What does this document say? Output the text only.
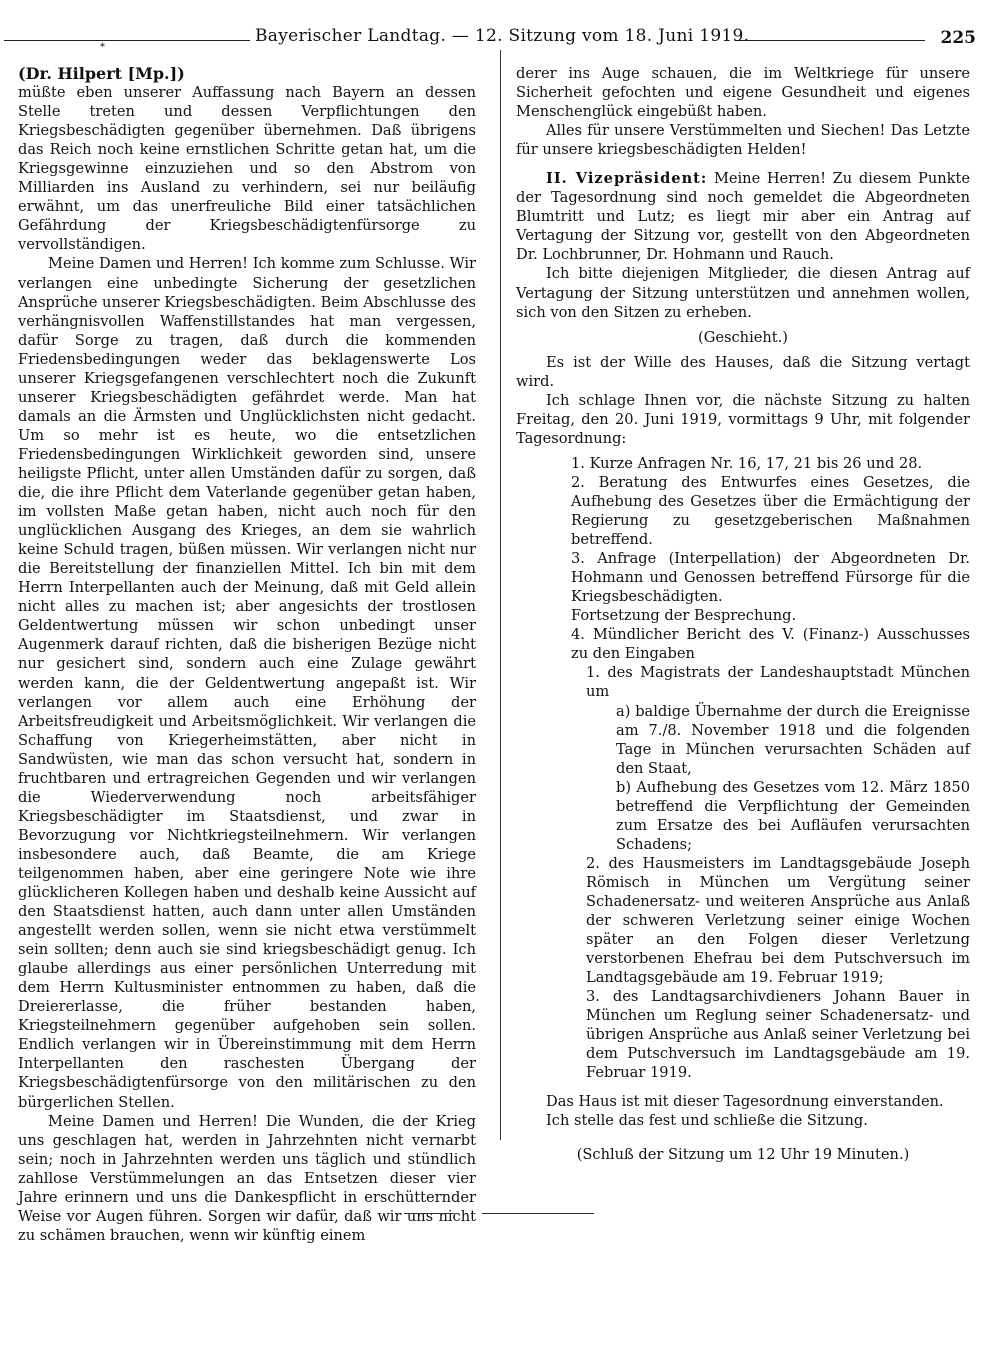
Bayerischer Landtag. — 12. Sitzung vom 18. Juni 1919.	225
*

(Dr. Hilpert [Mp.])

müßte eben unserer Auffassung nach Bayern an dessen Stelle treten und dessen Verpflichtungen den Kriegsbeschädigten gegenüber übernehmen. Daß übrigens das Reich noch keine ernstlichen Schritte getan hat, um die Kriegsgewinne einzuziehen und so den Abstrom von Milliarden ins Ausland zu verhindern, sei nur beiläufig erwähnt, um das unerfreuliche Bild einer tatsächlichen Gefährdung der Kriegsbeschädigtenfürsorge zu vervollständigen.

Meine Damen und Herren! Ich komme zum Schlusse. Wir verlangen eine unbedingte Sicherung der gesetzlichen Ansprüche unserer Kriegsbeschädigten. Beim Abschlusse des verhängnisvollen Waffenstillstandes hat man vergessen, dafür Sorge zu tragen, daß durch die kommenden Friedensbedingungen weder das beklagenswerte Los unserer Kriegsgefangenen verschlechtert noch die Zukunft unserer Kriegsbeschädigten gefährdet werde. Man hat damals an die Ärmsten und Unglücklichsten nicht gedacht. Um so mehr ist es heute, wo die entsetzlichen Friedensbedingungen Wirklichkeit geworden sind, unsere heiligste Pflicht, unter allen Umständen dafür zu sorgen, daß die, die ihre Pflicht dem Vaterlande gegenüber getan haben, im vollsten Maße getan haben, nicht auch noch für den unglücklichen Ausgang des Krieges, an dem sie wahrlich keine Schuld tragen, büßen müssen. Wir verlangen nicht nur die Bereitstellung der finanziellen Mittel. Ich bin mit dem Herrn Interpellanten auch der Meinung, daß mit Geld allein nicht alles zu machen ist; aber angesichts der trostlosen Geldentwertung müssen wir schon unbedingt unser Augenmerk darauf richten, daß die bisherigen Bezüge nicht nur gesichert sind, sondern auch eine Zulage gewährt werden kann, die der Geldentwertung angepaßt ist. Wir verlangen vor allem auch eine Erhöhung der Arbeitsfreudigkeit und Arbeitsmöglichkeit. Wir verlangen die Schaffung von Kriegerheimstätten, aber nicht in Sandwüsten, wie man das schon versucht hat, sondern in fruchtbaren und ertragreichen Gegenden und wir verlangen die Wiederverwendung noch arbeitsfähiger Kriegsbeschädigter im Staatsdienst, und zwar in Bevorzugung vor Nichtkriegsteilnehmern. Wir verlangen insbesondere auch, daß Beamte, die am Kriege teilgenommen haben, aber eine geringere Note wie ihre glücklicheren Kollegen haben und deshalb keine Aussicht auf den Staatsdienst hatten, auch dann unter allen Umständen angestellt werden sollen, wenn sie nicht etwa verstümmelt sein sollten; denn auch sie sind kriegsbeschädigt genug. Ich glaube allerdings aus einer persönlichen Unterredung mit dem Herrn Kultusminister entnommen zu haben, daß die Dreiererlasse, die früher bestanden haben, Kriegsteilnehmern gegenüber aufgehoben sein sollen. Endlich verlangen wir in Übereinstimmung mit dem Herrn Interpellanten den raschesten Übergang der Kriegsbeschädigtenfürsorge von den militärischen zu den bürgerlichen Stellen.

Meine Damen und Herren! Die Wunden, die der Krieg uns geschlagen hat, werden in Jahrzehnten nicht vernarbt sein; noch in Jahrzehnten werden uns täglich und stündlich zahllose Verstümmelungen an das Entsetzen dieser vier Jahre erinnern und uns die Dankespflicht in erschütternder Weise vor Augen führen. Sorgen wir dafür, daß wir uns nicht zu schämen brauchen, wenn wir künftig einem

derer ins Auge schauen, die im Weltkriege für unsere Sicherheit gefochten und eigene Gesundheit und eigenes Menschenglück eingebüßt haben.

Alles für unsere Verstümmelten und Siechen! Das Letzte für unsere kriegsbeschädigten Helden!

II. Vizepräsident: Meine Herren! Zu diesem Punkte der Tagesordnung sind noch gemeldet die Abgeordneten Blumtritt und Lutz; es liegt mir aber ein Antrag auf Vertagung der Sitzung vor, gestellt von den Abgeordneten Dr. Lochbrunner, Dr. Hohmann und Rauch.

Ich bitte diejenigen Mitglieder, die diesen Antrag auf Vertagung der Sitzung unterstützen und annehmen wollen, sich von den Sitzen zu erheben.

(Geschieht.)

Es ist der Wille des Hauses, daß die Sitzung vertagt wird.

Ich schlage Ihnen vor, die nächste Sitzung zu halten Freitag, den 20. Juni 1919, vormittags 9 Uhr, mit folgender Tagesordnung:

1. Kurze Anfragen Nr. 16, 17, 21 bis 26 und 28.

2. Beratung des Entwurfes eines Gesetzes, die Aufhebung des Gesetzes über die Ermächtigung der Regierung zu gesetzgeberischen Maßnahmen betreffend.

3. Anfrage (Interpellation) der Abgeordneten Dr. Hohmann und Genossen betreffend Fürsorge für die Kriegsbeschädigten.

Fortsetzung der Besprechung.

4. Mündlicher Bericht des V. (Finanz-) Ausschusses zu den Eingaben

1. des Magistrats der Landeshauptstadt München um

a) baldige Übernahme der durch die Ereignisse am 7./8. November 1918 und die folgenden Tage in München verursachten Schäden auf den Staat,

b) Aufhebung des Gesetzes vom 12. März 1850 betreffend die Verpflichtung der Gemeinden zum Ersatze des bei Aufläufen verursachten Schadens;

2. des Hausmeisters im Landtagsgebäude Joseph Römisch in München um Vergütung seiner Schadenersatz- und weiteren Ansprüche aus Anlaß der schweren Verletzung seiner einige Wochen später an den Folgen dieser Verletzung verstorbenen Ehefrau bei dem Putschversuch im Landtagsgebäude am 19. Februar 1919;

3. des Landtagsarchivdieners Johann Bauer in München um Reglung seiner Schadenersatz- und übrigen Ansprüche aus Anlaß seiner Verletzung bei dem Putschversuch im Landtagsgebäude am 19. Februar 1919.

Das Haus ist mit dieser Tagesordnung einverstanden.

Ich stelle das fest und schließe die Sitzung.

(Schluß der Sitzung um 12 Uhr 19 Minuten.)
